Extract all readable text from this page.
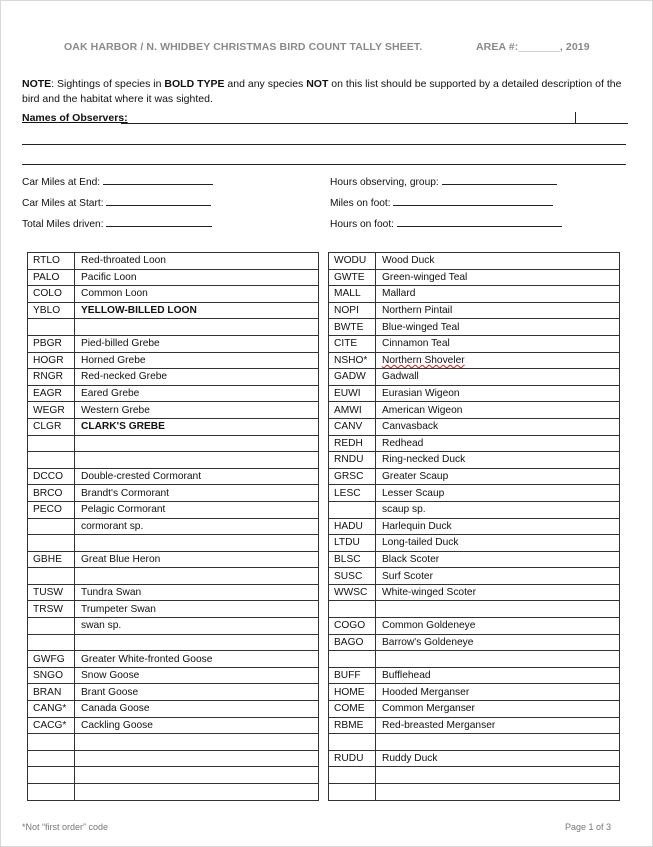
OAK HARBOR / N. WHIDBEY CHRISTMAS BIRD COUNT TALLY SHEET.	AREA #:_______, 2019
NOTE: Sightings of species in BOLD TYPE and any species NOT on this list should be supported by a detailed description of the bird and the habitat where it was sighted.
Names of Observers:
Car Miles at End:
Car Miles at Start:
Total Miles driven:
Hours observing, group:
Miles on foot:
Hours on foot:
RTLO	Red-throated Loon
PALO	Pacific Loon
COLO	Common Loon
YBLO	YELLOW-BILLED LOON

PBGR	Pied-billed Grebe
HOGR	Horned Grebe
RNGR	Red-necked Grebe
EAGR	Eared Grebe
WEGR	Western Grebe
CLGR	CLARK'S GREBE

DCCO	Double-crested Cormorant
BRCO	Brandt's Cormorant
PECO	Pelagic Cormorant
	cormorant sp.

GBHE	Great Blue Heron

TUSW	Tundra Swan
TRSW	Trumpeter Swan
	swan sp.

GWFG	Greater White-fronted Goose
SNGO	Snow Goose
BRAN	Brant Goose
CANG*	Canada Goose
CACG*	Cackling Goose

WODU	Wood Duck
GWTE	Green-winged Teal
MALL	Mallard
NOPI	Northern Pintail
BWTE	Blue-winged Teal
CITE	Cinnamon Teal
NSHO*	Northern Shoveler
GADW	Gadwall
EUWI	Eurasian Wigeon
AMWI	American Wigeon
CANV	Canvasback
REDH	Redhead
RNDU	Ring-necked Duck
GRSC	Greater Scaup
LESC	Lesser Scaup
	scaup sp.
HADU	Harlequin Duck
LTDU	Long-tailed Duck
BLSC	Black Scoter
SUSC	Surf Scoter
WWSC	White-winged Scoter

COGO	Common Goldeneye
BAGO	Barrow's Goldeneye

BUFF	Bufflehead
HOME	Hooded Merganser
COME	Common Merganser
RBME	Red-breasted Merganser

RUDU	Ruddy Duck

*Not “first order” code	Page 1 of 3
